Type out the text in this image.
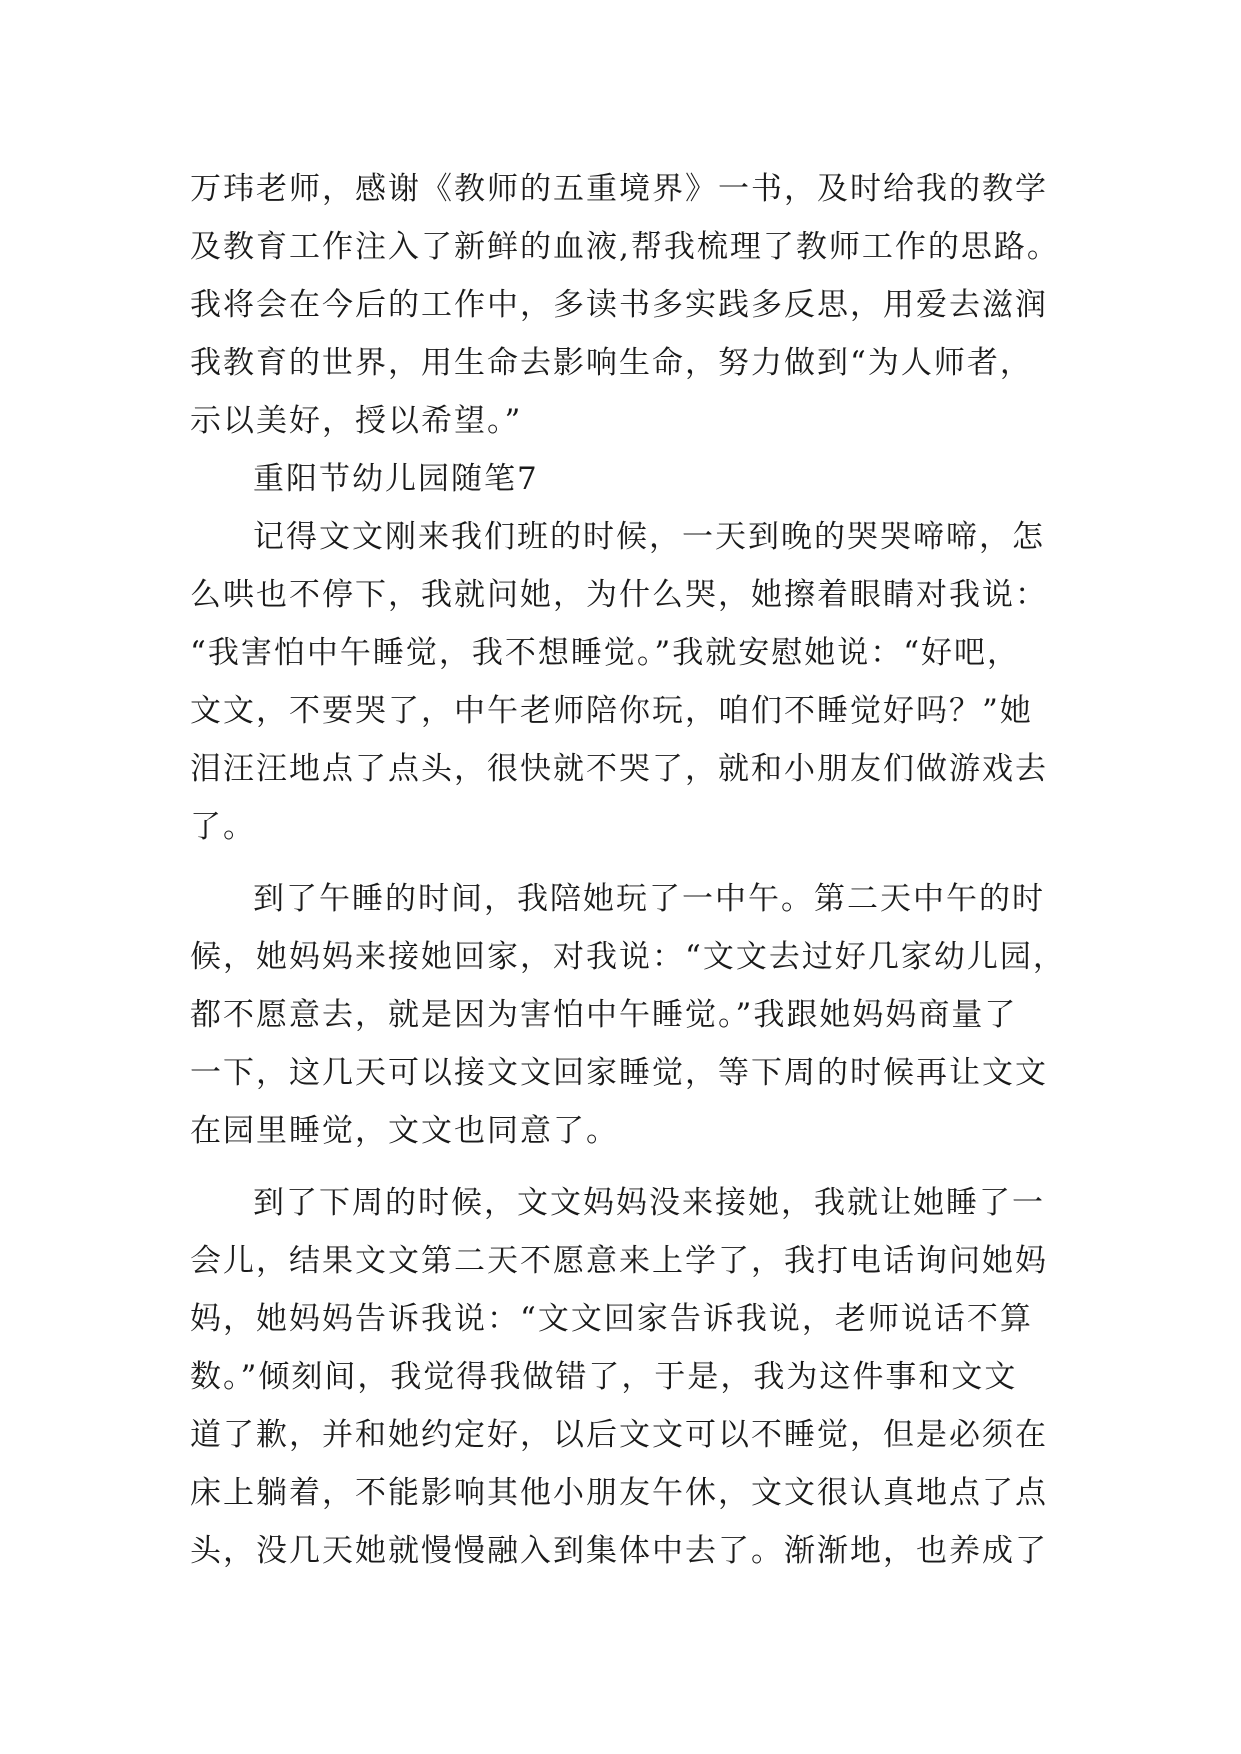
万玮老师，感谢《教师的五重境界》一书，及时给我的教学
及教育工作注入了新鲜的血液,帮我梳理了教师工作的思路。
我将会在今后的工作中，多读书多实践多反思，用爱去滋润
我教育的世界，用生命去影响生命，努力做到“为人师者，
示以美好，授以希望。”
重阳节幼儿园随笔7
记得文文刚来我们班的时候，一天到晚的哭哭啼啼，怎
么哄也不停下，我就问她，为什么哭，她擦着眼睛对我说：
“我害怕中午睡觉，我不想睡觉。”我就安慰她说：“好吧，
文文，不要哭了，中午老师陪你玩，咱们不睡觉好吗？”她
泪汪汪地点了点头，很快就不哭了，就和小朋友们做游戏去
了。
到了午睡的时间，我陪她玩了一中午。第二天中午的时
候，她妈妈来接她回家，对我说：“文文去过好几家幼儿园，
都不愿意去，就是因为害怕中午睡觉。”我跟她妈妈商量了
一下，这几天可以接文文回家睡觉，等下周的时候再让文文
在园里睡觉，文文也同意了。
到了下周的时候，文文妈妈没来接她，我就让她睡了一
会儿，结果文文第二天不愿意来上学了，我打电话询问她妈
妈，她妈妈告诉我说：“文文回家告诉我说，老师说话不算
数。”倾刻间，我觉得我做错了，于是，我为这件事和文文
道了歉，并和她约定好，以后文文可以不睡觉，但是必须在
床上躺着，不能影响其他小朋友午休，文文很认真地点了点
头，没几天她就慢慢融入到集体中去了。渐渐地，也养成了
